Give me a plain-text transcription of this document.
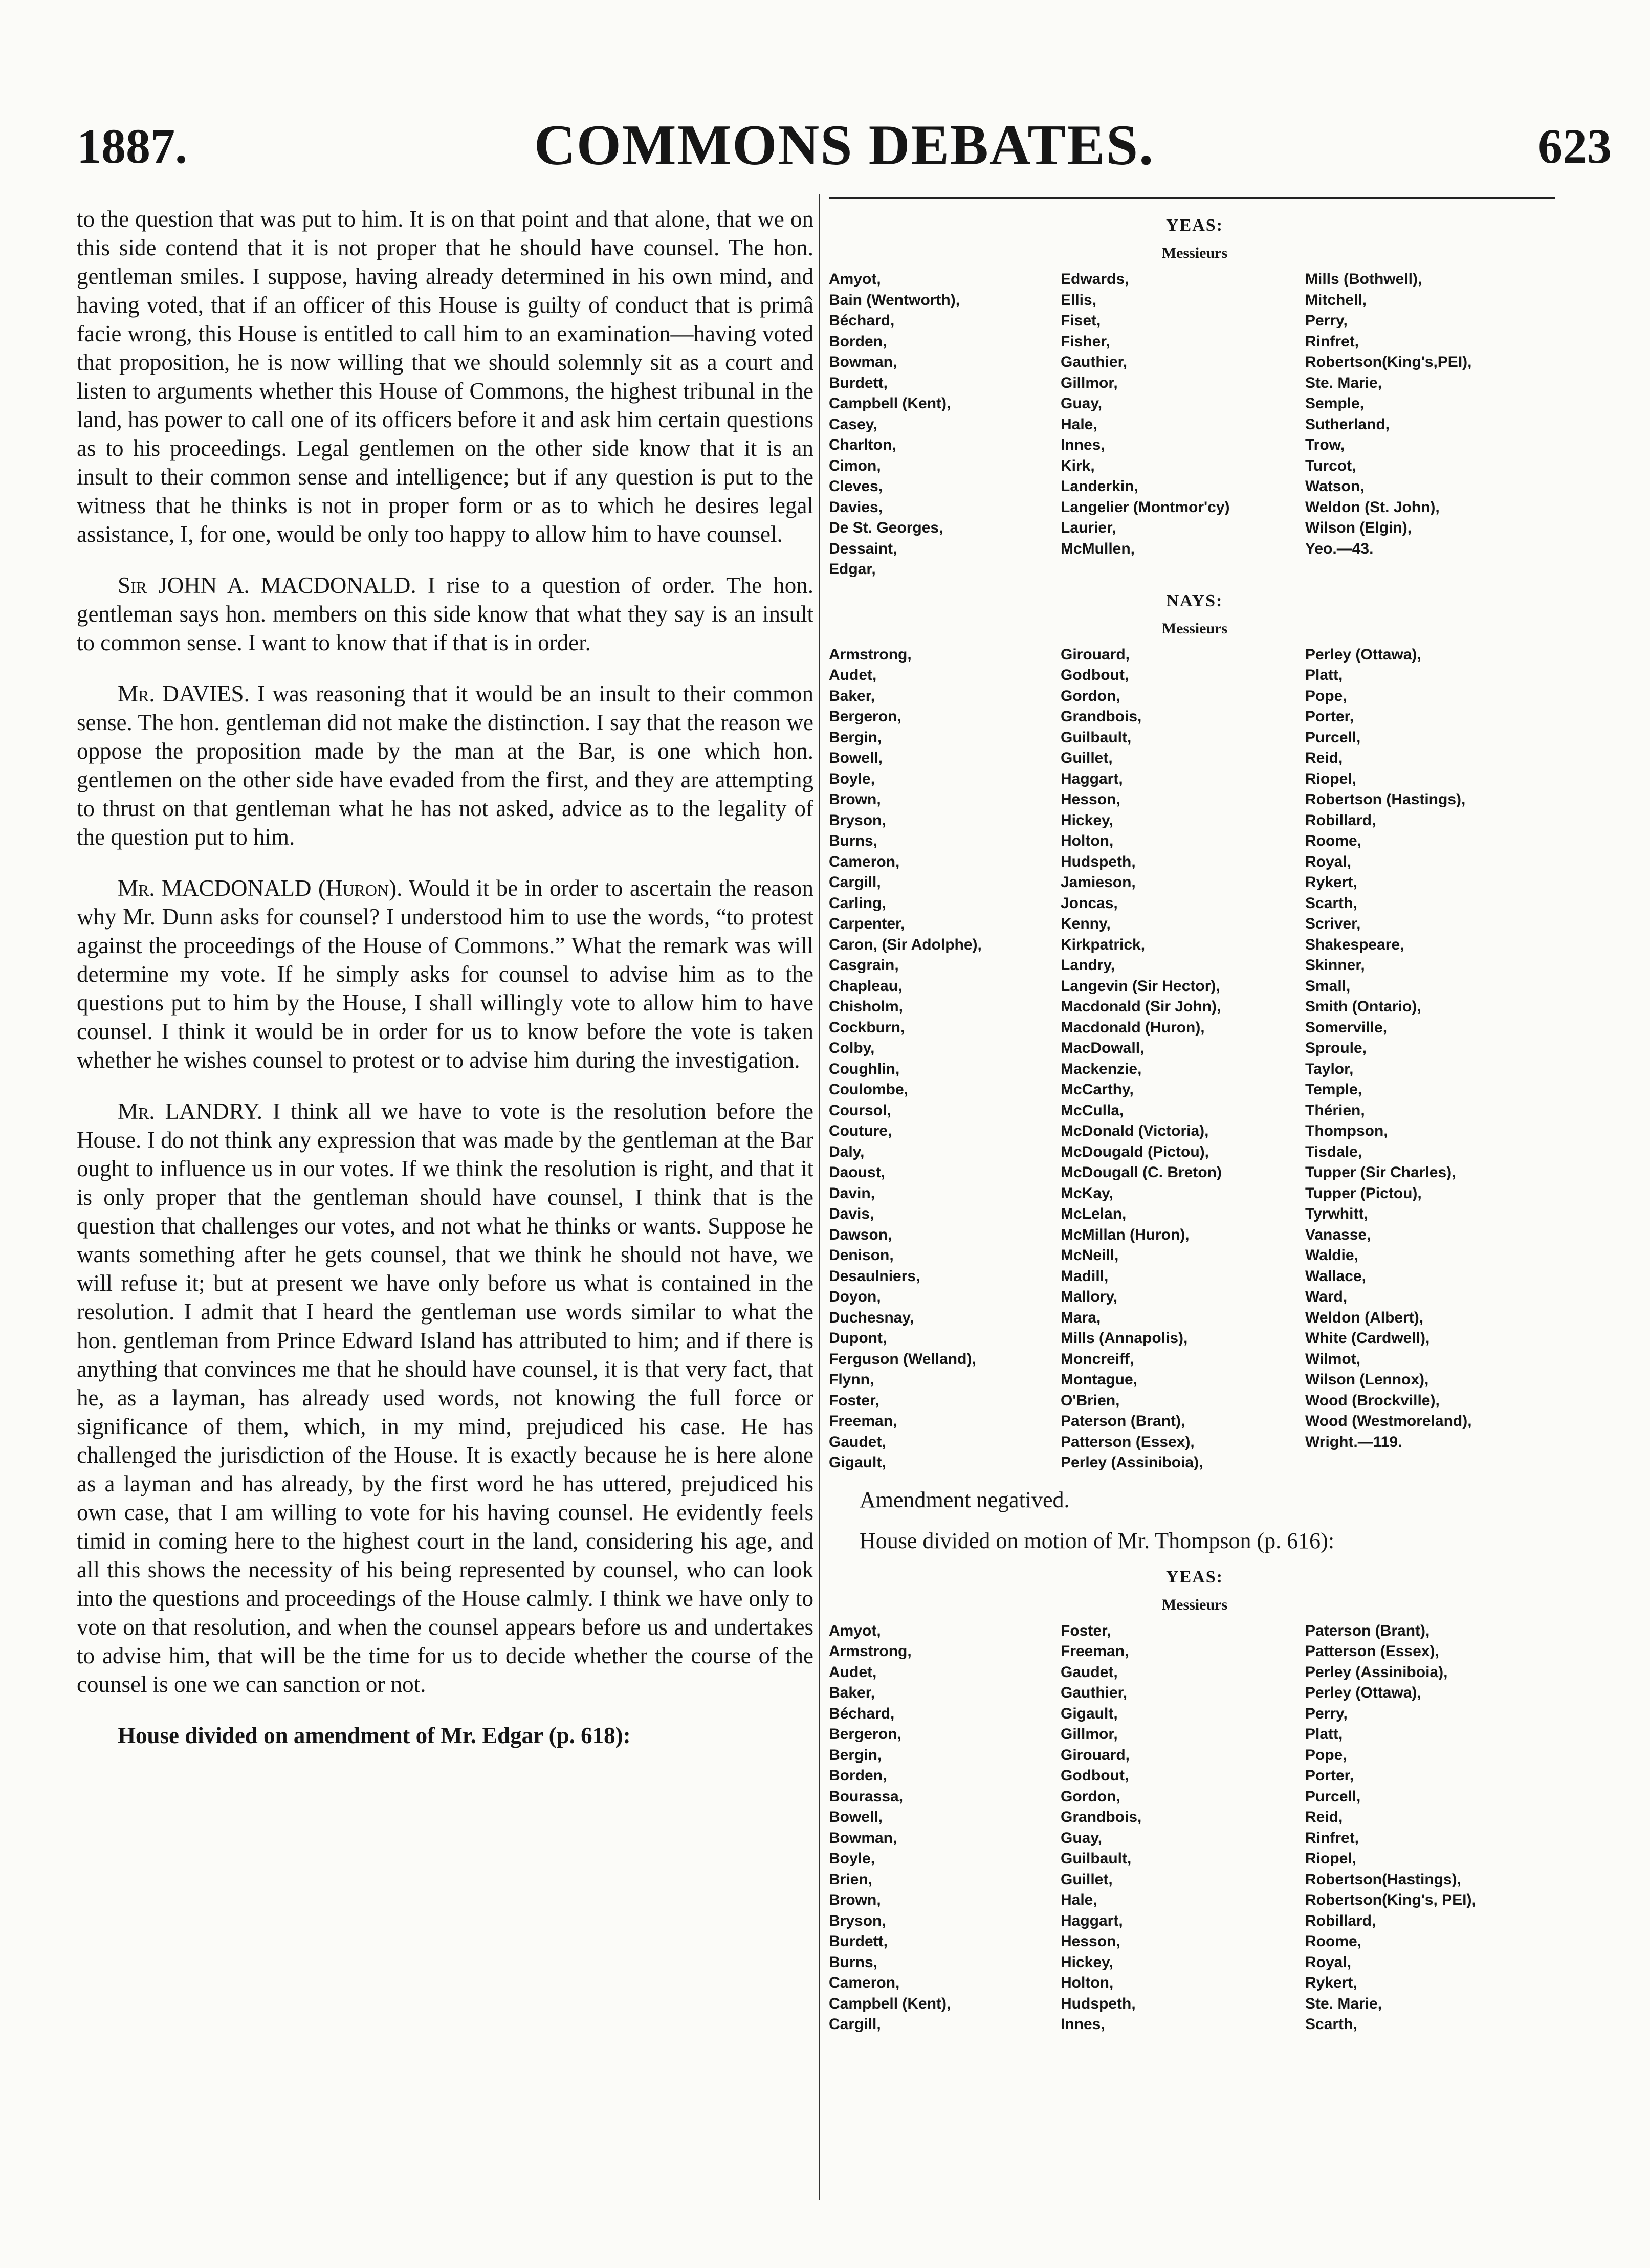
1887.	COMMONS DEBATES.	623

to the question that was put to him. It is on that point and that alone, that we on this side contend that it is not proper that he should have counsel. The hon. gentleman smiles. I suppose, having already determined in his own mind, and having voted, that if an officer of this House is guilty of conduct that is primâ facie wrong, this House is entitled to call him to an examination—having voted that proposition, he is now willing that we should solemnly sit as a court and listen to arguments whether this House of Commons, the highest tribunal in the land, has power to call one of its officers before it and ask him certain questions as to his proceedings. Legal gentlemen on the other side know that it is an insult to their common sense and intelligence; but if any question is put to the witness that he thinks is not in proper form or as to which he desires legal assistance, I, for one, would be only too happy to allow him to have counsel.

Sir JOHN A. MACDONALD. I rise to a question of order. The hon. gentleman says hon. members on this side know that what they say is an insult to common sense. I want to know that if that is in order.

Mr. DAVIES. I was reasoning that it would be an insult to their common sense. The hon. gentleman did not make the distinction. I say that the reason we oppose the proposition made by the man at the Bar, is one which hon. gentlemen on the other side have evaded from the first, and they are attempting to thrust on that gentleman what he has not asked, advice as to the legality of the question put to him.

Mr. MACDONALD (Huron). Would it be in order to ascertain the reason why Mr. Dunn asks for counsel? I understood him to use the words, “to protest against the proceedings of the House of Commons.” What the remark was will determine my vote. If he simply asks for counsel to advise him as to the questions put to him by the House, I shall willingly vote to allow him to have counsel. I think it would be in order for us to know before the vote is taken whether he wishes counsel to protest or to advise him during the investigation.

Mr. LANDRY. I think all we have to vote is the resolution before the House. I do not think any expression that was made by the gentleman at the Bar ought to influence us in our votes. If we think the resolution is right, and that it is only proper that the gentleman should have counsel, I think that is the question that challenges our votes, and not what he thinks or wants. Suppose he wants something after he gets counsel, that we think he should not have, we will refuse it; but at present we have only before us what is contained in the resolution. I admit that I heard the gentleman use words similar to what the hon. gentleman from Prince Edward Island has attributed to him; and if there is anything that convinces me that he should have counsel, it is that very fact, that he, as a layman, has already used words, not knowing the full force or significance of them, which, in my mind, prejudiced his case. He has challenged the jurisdiction of the House. It is exactly because he is here alone as a layman and has already, by the first word he has uttered, prejudiced his own case, that I am willing to vote for his having counsel. He evidently feels timid in coming here to the highest court in the land, considering his age, and all this shows the necessity of his being represented by counsel, who can look into the questions and proceedings of the House calmly. I think we have only to vote on that resolution, and when the counsel appears before us and undertakes to advise him, that will be the time for us to decide whether the course of the counsel is one we can sanction or not.

House divided on amendment of Mr. Edgar (p. 618):

YEAS:
Messieurs
Amyot,
Bain (Wentworth),
Béchard,
Borden,
Bowman,
Burdett,
Campbell (Kent),
Casey,
Charlton,
Cimon,
Cleves,
Davies,
De St. Georges,
Dessaint,
Edgar,
Edwards,
Ellis,
Fiset,
Fisher,
Gauthier,
Gillmor,
Guay,
Hale,
Innes,
Kirk,
Landerkin,
Langelier (Montmor'cy)
Laurier,
McMullen,
Mills (Bothwell),
Mitchell,
Perry,
Rinfret,
Robertson(King's,PEI),
Ste. Marie,
Semple,
Sutherland,
Trow,
Turcot,
Watson,
Weldon (St. John),
Wilson (Elgin),
Yeo.—43.
NAYS:
Messieurs
Armstrong,
Audet,
Baker,
Bergeron,
Bergin,
Bowell,
Boyle,
Brown,
Bryson,
Burns,
Cameron,
Cargill,
Carling,
Carpenter,
Caron, (Sir Adolphe),
Casgrain,
Chapleau,
Chisholm,
Cockburn,
Colby,
Coughlin,
Coulombe,
Coursol,
Couture,
Daly,
Daoust,
Davin,
Davis,
Dawson,
Denison,
Desaulniers,
Doyon,
Duchesnay,
Dupont,
Ferguson (Welland),
Flynn,
Foster,
Freeman,
Gaudet,
Gigault,
Girouard,
Godbout,
Gordon,
Grandbois,
Guilbault,
Guillet,
Haggart,
Hesson,
Hickey,
Holton,
Hudspeth,
Jamieson,
Joncas,
Kenny,
Kirkpatrick,
Landry,
Langevin (Sir Hector),
Macdonald (Sir John),
Macdonald (Huron),
MacDowall,
Mackenzie,
McCarthy,
McCulla,
McDonald (Victoria),
McDougald (Pictou),
McDougall (C. Breton)
McKay,
McLelan,
McMillan (Huron),
McNeill,
Madill,
Mallory,
Mara,
Mills (Annapolis),
Moncreiff,
Montague,
O'Brien,
Paterson (Brant),
Patterson (Essex),
Perley (Assiniboia),
Perley (Ottawa),
Platt,
Pope,
Porter,
Purcell,
Reid,
Riopel,
Robertson (Hastings),
Robillard,
Roome,
Royal,
Rykert,
Scarth,
Scriver,
Shakespeare,
Skinner,
Small,
Smith (Ontario),
Somerville,
Sproule,
Taylor,
Temple,
Thérien,
Thompson,
Tisdale,
Tupper (Sir Charles),
Tupper (Pictou),
Tyrwhitt,
Vanasse,
Waldie,
Wallace,
Ward,
Weldon (Albert),
White (Cardwell),
Wilmot,
Wilson (Lennox),
Wood (Brockville),
Wood (Westmoreland),
Wright.—119.
Amendment negatived.
House divided on motion of Mr. Thompson (p. 616):
YEAS:
Messieurs
Amyot,
Armstrong,
Audet,
Baker,
Béchard,
Bergeron,
Bergin,
Borden,
Bourassa,
Bowell,
Bowman,
Boyle,
Brien,
Brown,
Bryson,
Burdett,
Burns,
Cameron,
Campbell (Kent),
Cargill,
Foster,
Freeman,
Gaudet,
Gauthier,
Gigault,
Gillmor,
Girouard,
Godbout,
Gordon,
Grandbois,
Guay,
Guilbault,
Guillet,
Hale,
Haggart,
Hesson,
Hickey,
Holton,
Hudspeth,
Innes,
Paterson (Brant),
Patterson (Essex),
Perley (Assiniboia),
Perley (Ottawa),
Perry,
Platt,
Pope,
Porter,
Purcell,
Reid,
Rinfret,
Riopel,
Robertson(Hastings),
Robertson(King's, PEI),
Robillard,
Roome,
Royal,
Rykert,
Ste. Marie,
Scarth,
